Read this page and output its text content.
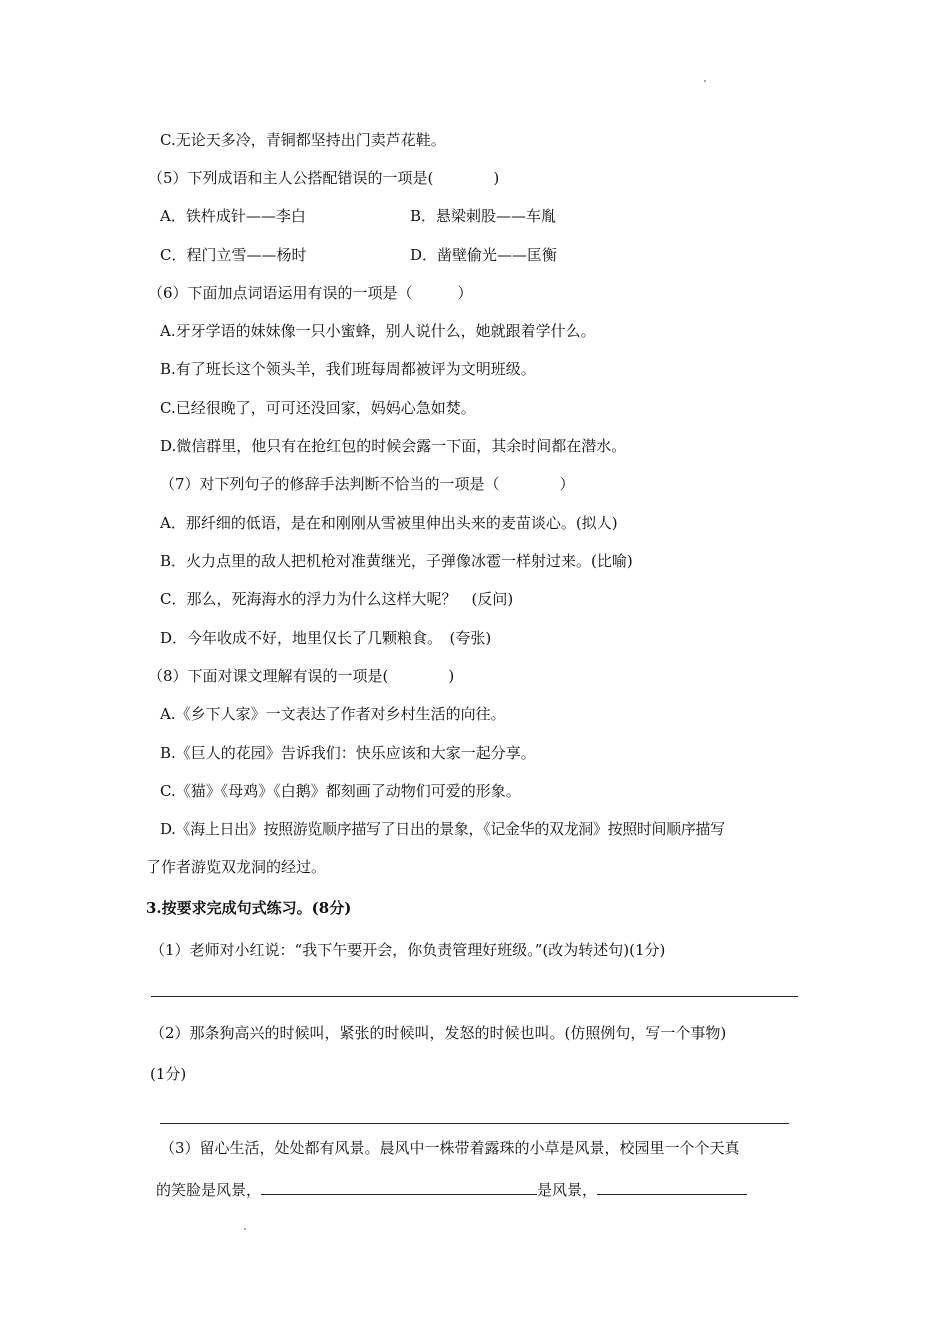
C.无论天多冷，青铜都坚持出门卖芦花鞋。
（5）下列成语和主人公搭配错误的一项是(　　　　)
A．铁杵成针——李白	B．悬梁刺股——车胤
C．程门立雪——杨时	D．凿壁偷光——匡衡
（6）下面加点词语运用有误的一项是（　　　）
A.牙牙学语的妹妹像一只小蜜蜂，别人说什么，她就跟着学什么。
B.有了班长这个领头羊，我们班每周都被评为文明班级。
C.已经很晚了，可可还没回家，妈妈心急如焚。
D.微信群里，他只有在抢红包的时候会露一下面，其余时间都在潜水。
（7）对下列句子的修辞手法判断不恰当的一项是（　　　　）
A．那纤细的低语，是在和刚刚从雪被里伸出头来的麦苗谈心。(拟人)
B．火力点里的敌人把机枪对准黄继光，子弹像冰雹一样射过来。(比喻)
C．那么，死海海水的浮力为什么这样大呢？　(反问)
D．今年收成不好，地里仅长了几颗粮食。　(夸张)
（8）下面对课文理解有误的一项是(　　　　)
A.《乡下人家》一文表达了作者对乡村生活的向往。
B.《巨人的花园》告诉我们：快乐应该和大家一起分享。
C.《猫》《母鸡》《白鹅》都刻画了动物们可爱的形象。
D.《海上日出》按照游览顺序描写了日出的景象，《记金华的双龙洞》按照时间顺序描写
了作者游览双龙洞的经过。
3.按要求完成句式练习。(8分)
（1）老师对小红说：“我下午要开会，你负责管理好班级。”(改为转述句)(1分)
（2）那条狗高兴的时候叫，紧张的时候叫，发怒的时候也叫。(仿照例句，写一个事物)
(1分)
（3）留心生活，处处都有风景。晨风中一株带着露珠的小草是风景，校园里一个个天真
的笑脸是风景，	是风景，
